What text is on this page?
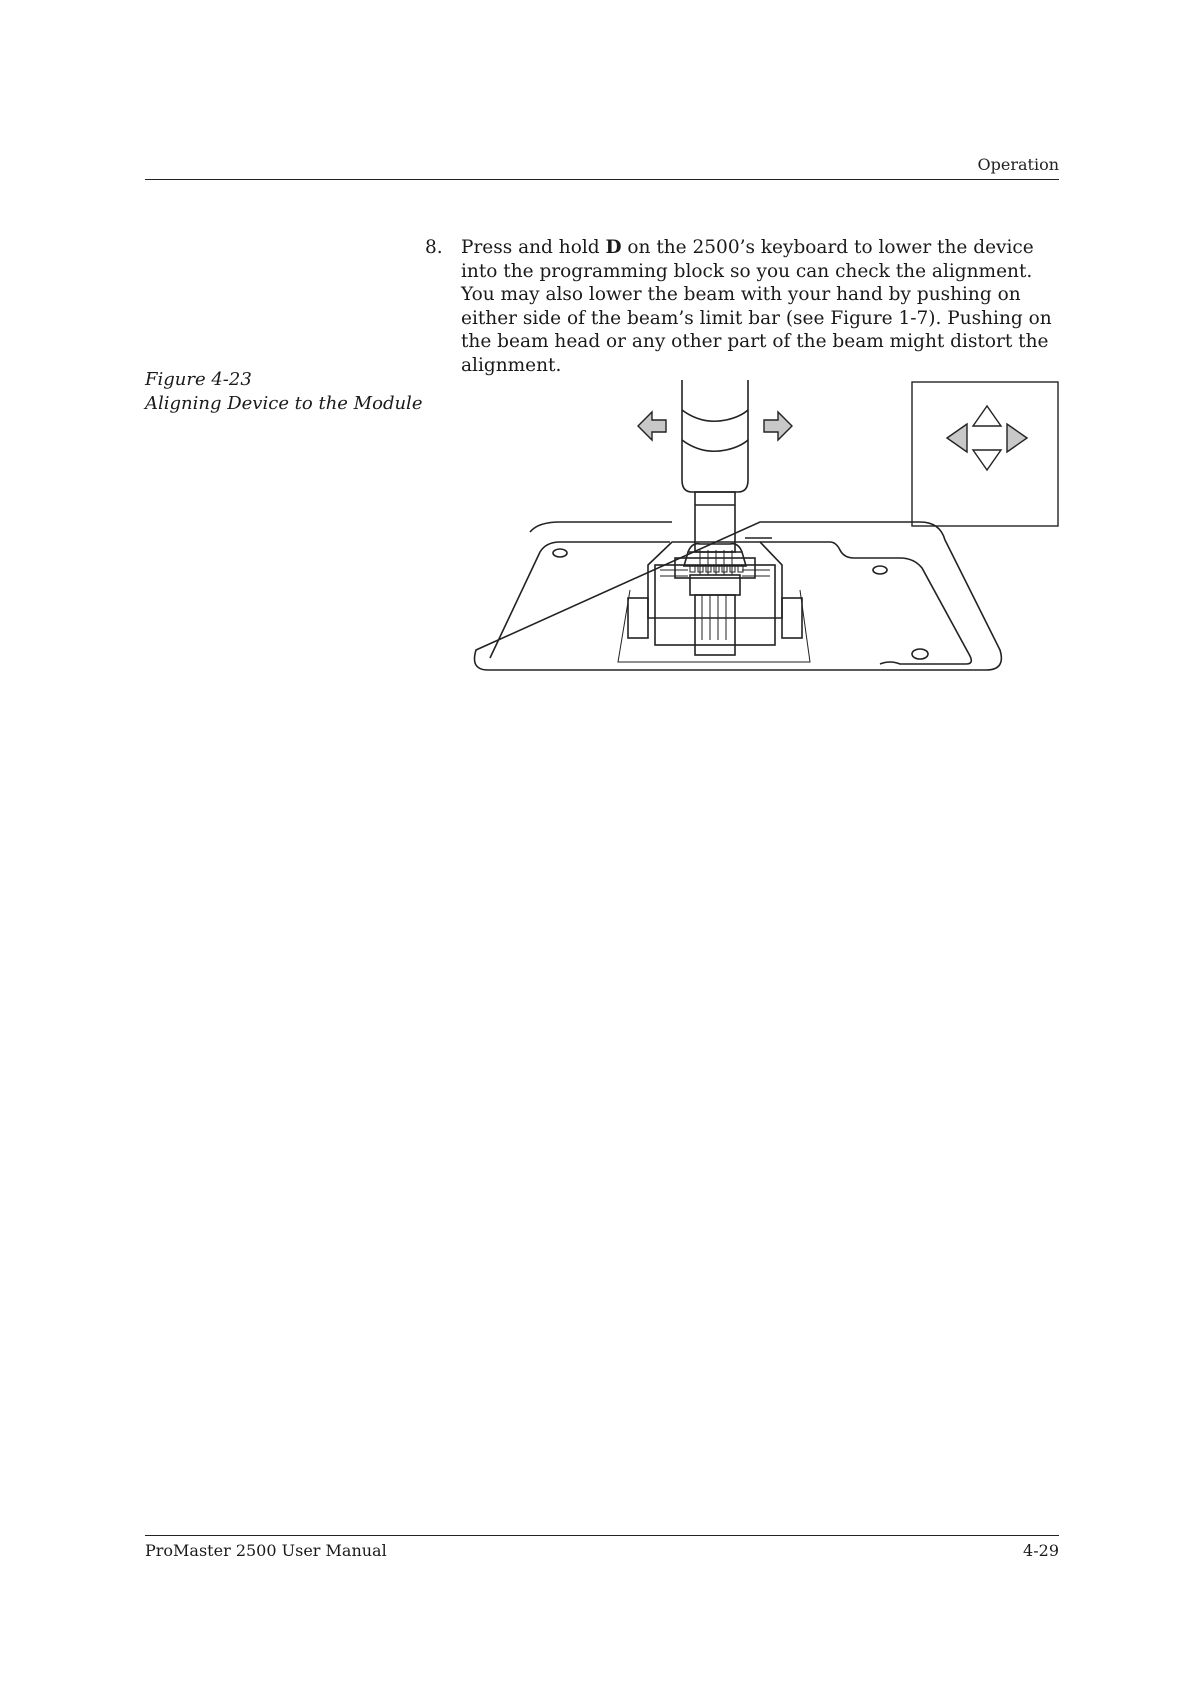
Operation
8. Press and hold D on the 2500’s keyboard to lower the device into the programming block so you can check the alignment. You may also lower the beam with your hand by pushing on either side of the beam’s limit bar (see Figure 1-7). Pushing on the beam head or any other part of the beam might distort the alignment.
Figure 4-23
Aligning Device to the Module
ProMaster 2500 User Manual	4-29
